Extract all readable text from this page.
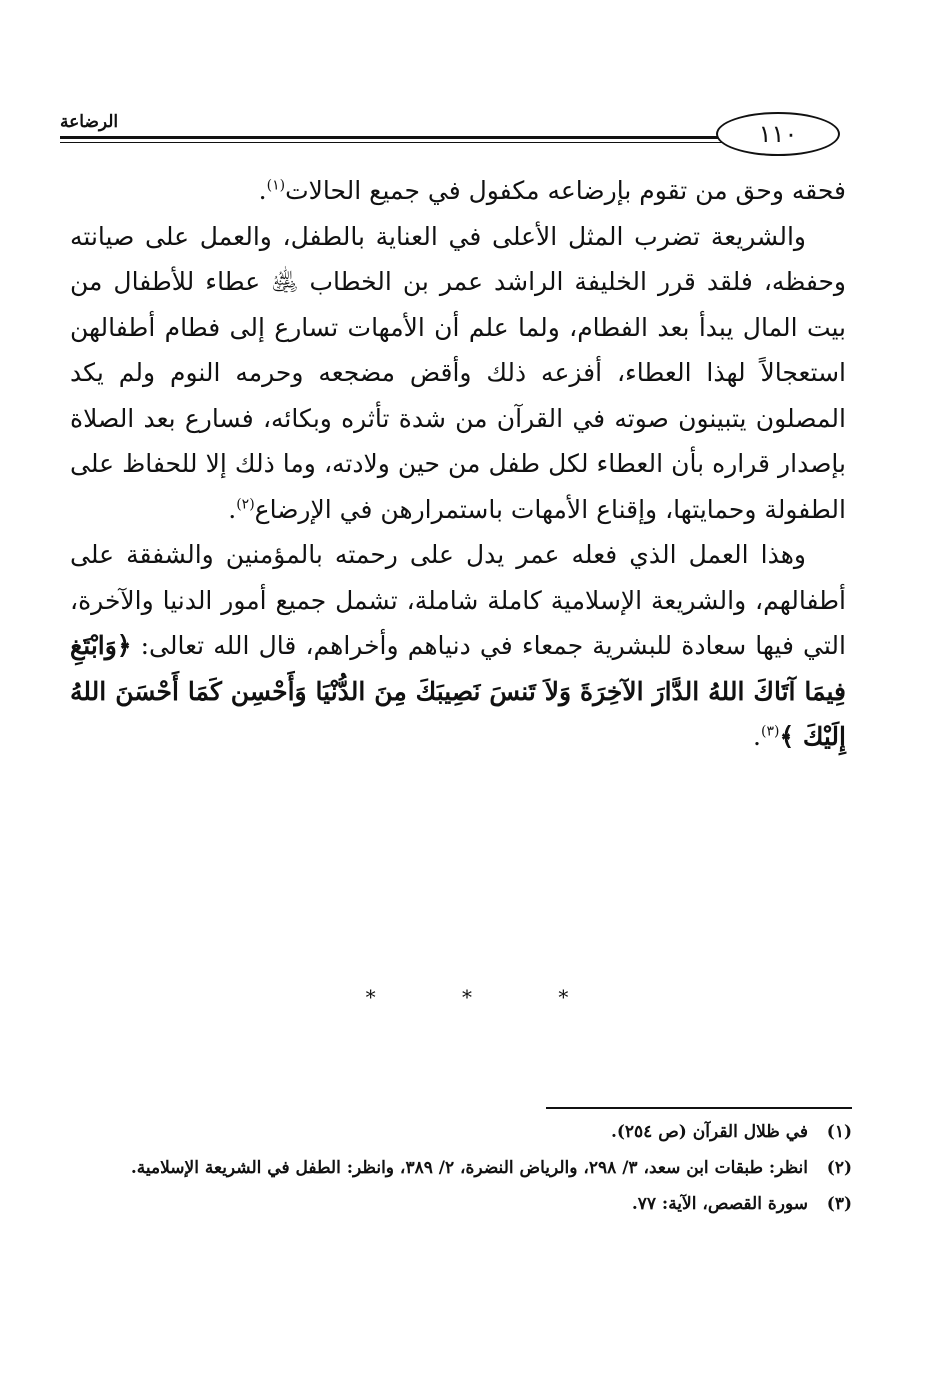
١١٠
الرضاعة

فحقه وحق من تقوم بإرضاعه مكفول في جميع الحالات$^{(١)}$.

والشريعة تضرب المثل الأعلى في العناية بالطفل، والعمل على صيانته وحفظه، فلقد قرر الخليفة الراشد عمر بن الخطاب ﵁ عطاء للأطفال من بيت المال يبدأ بعد الفطام، ولما علم أن الأمهات تسارع إلى فطام أطفالهن استعجالاً لهذا العطاء، أفزعه ذلك وأقض مضجعه وحرمه النوم ولم يكد المصلون يتبينون صوته في القرآن من شدة تأثره وبكائه، فسارع بعد الصلاة بإصدار قراره بأن العطاء لكل طفل من حين ولادته، وما ذلك إلا للحفاظ على الطفولة وحمايتها، وإقناع الأمهات باستمرارهن في الإرضاع$^{(٢)}$.

وهذا العمل الذي فعله عمر يدل على رحمته بالمؤمنين والشفقة على أطفالهم، والشريعة الإسلامية كاملة شاملة، تشمل جميع أمور الدنيا والآخرة، التي فيها سعادة للبشرية جمعاء في دنياهم وأخراهم، قال الله تعالى: ﴿وَابْتَغِ فِيمَا آتَاكَ اللهُ الدَّارَ الآخِرَةَ وَلاَ تَنسَ نَصِيبَكَ مِنَ الدُّنْيَا وَأَحْسِن كَمَا أَحْسَنَ اللهُ إِلَيْكَ ﴾$^{(٣)}$.

* * *
(١)
في ظلال القرآن (ص ٢٥٤).
(٢)
انظر: طبقات ابن سعد، ٣/ ٢٩٨، والرياض النضرة، ٢/ ٣٨٩، وانظر: الطفل في الشريعة الإسلامية.
(٣)
سورة القصص، الآية: ٧٧.
